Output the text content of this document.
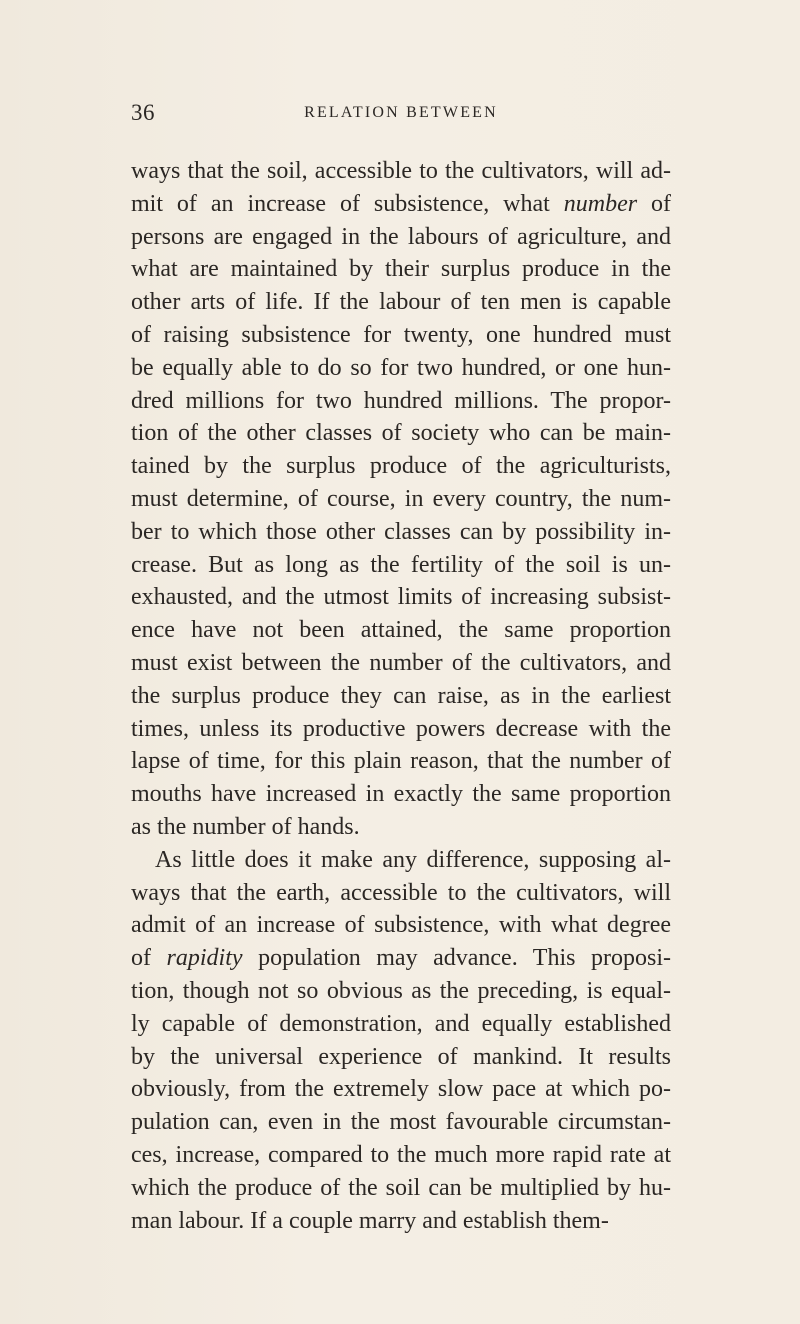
36	RELATION BETWEEN
ways that the soil, accessible to the cultivators, will ad-
mit of an increase of subsistence, what number of
persons are engaged in the labours of agriculture, and
what are maintained by their surplus produce in the
other arts of life. If the labour of ten men is capable
of raising subsistence for twenty, one hundred must
be equally able to do so for two hundred, or one hun-
dred millions for two hundred millions. The propor-
tion of the other classes of society who can be main-
tained by the surplus produce of the agriculturists,
must determine, of course, in every country, the num-
ber to which those other classes can by possibility in-
crease. But as long as the fertility of the soil is un-
exhausted, and the utmost limits of increasing subsist-
ence have not been attained, the same proportion
must exist between the number of the cultivators, and
the surplus produce they can raise, as in the earliest
times, unless its productive powers decrease with the
lapse of time, for this plain reason, that the number of
mouths have increased in exactly the same proportion
as the number of hands.
As little does it make any difference, supposing al-
ways that the earth, accessible to the cultivators, will
admit of an increase of subsistence, with what degree
of rapidity population may advance. This proposi-
tion, though not so obvious as the preceding, is equal-
ly capable of demonstration, and equally established
by the universal experience of mankind. It results
obviously, from the extremely slow pace at which po-
pulation can, even in the most favourable circumstan-
ces, increase, compared to the much more rapid rate at
which the produce of the soil can be multiplied by hu-
man labour. If a couple marry and establish them-
